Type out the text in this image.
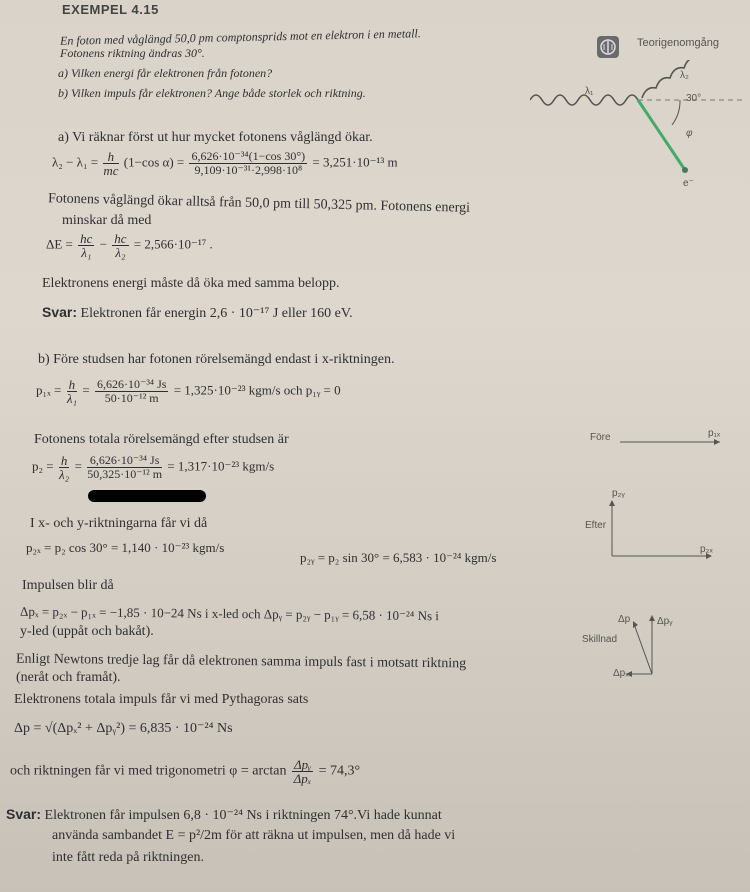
EXEMPEL 4.15
Teorigenomgång
En foton med våglängd 50,0 pm comptonsprids mot en elektron i en metall.
Fotonens riktning ändras 30°.
a) Vilken energi får elektronen från fotonen?
b) Vilken impuls får elektronen? Ange både storlek och riktning.	λ₁
λ₂
30°
φ
e⁻
a) Vi räknar först ut hur mycket fotonens våglängd ökar.
$\lambda_2 - \lambda_1 = \frac{h}{mc} (1-\cos$ $\alpha) = \frac{\text{6,626·10⁻³⁴(1−cos 30°)}}{\text{9,109·10⁻³¹·2,998·10⁸}} = 3,251\cdot 10^{-13}$ m
Fotonens våglängd ökar alltså från 50,0 pm till 50,325 pm. Fotonens energi
minskar då med
$\Delta E = \frac{hc}{\text{λ₁}} - \frac{hc}{\text{λ₂}} = 2,566\cdot 10^{-17}$ .
Elektronens energi måste då öka med samma belopp.
Svar: Elektronen får energin 2,6 · 10⁻¹⁷ J eller 160 eV.
b) Före studsen har fotonen rörelsemängd endast i x-riktningen.
$p_{1x} = \frac{h}{\text{λ₁}} = \frac{\text{6,626·10⁻³⁴ Js}}{\text{50·10⁻¹² m}} = 1,325\cdot 10^{-23}$ kgm/s och p₁ᵧ = 0
Fotonens totala rörelsemängd efter studsen är
$p_2 = \frac{h}{\text{λ₂}} = \frac{\text{6,626·10⁻³⁴ Js}}{\text{50,325·10⁻¹² m}} = 1,317\cdot 10^{-23}$ kgm/s
I x- och y-riktningarna får vi då
p₂ₓ = p₂ cos 30° = 1,140 · 10⁻²³ kgm/s
p₂ᵧ = p₂ sin 30° = 6,583 · 10⁻²⁴ kgm/s
Impulsen blir då
Δpₓ = p₂ₓ − p₁ₓ = −1,85 · 10−24 Ns i x-led och Δpᵧ = p₂ᵧ − p₁ᵧ = 6,58 · 10⁻²⁴ Ns i
y-led (uppåt och bakåt).
Enligt Newtons tredje lag får då elektronen samma impuls fast i motsatt riktning
(neråt och framåt).
Elektronens totala impuls får vi med Pythagoras sats
Δp = √(Δpₓ² + Δpᵧ²) = 6,835 · 10⁻²⁴ Ns
och riktningen får vi med trigonometri $\varphi = \arctan \frac{\text{Δpᵧ}}{\text{Δpₓ}} = 74,3^\circ$
Svar: Elektronen får impulsen 6,8 · 10⁻²⁴ Ns i riktningen 74°.Vi hade kunnat
använda sambandet E = p²/2m för att räkna ut impulsen, men då hade vi
inte fått reda på riktningen.
Före	p₁ₓ
p₂ᵧ
Efter
p₂ₓ
Δp	Δpᵧ
Skillnad
Δpₓ
